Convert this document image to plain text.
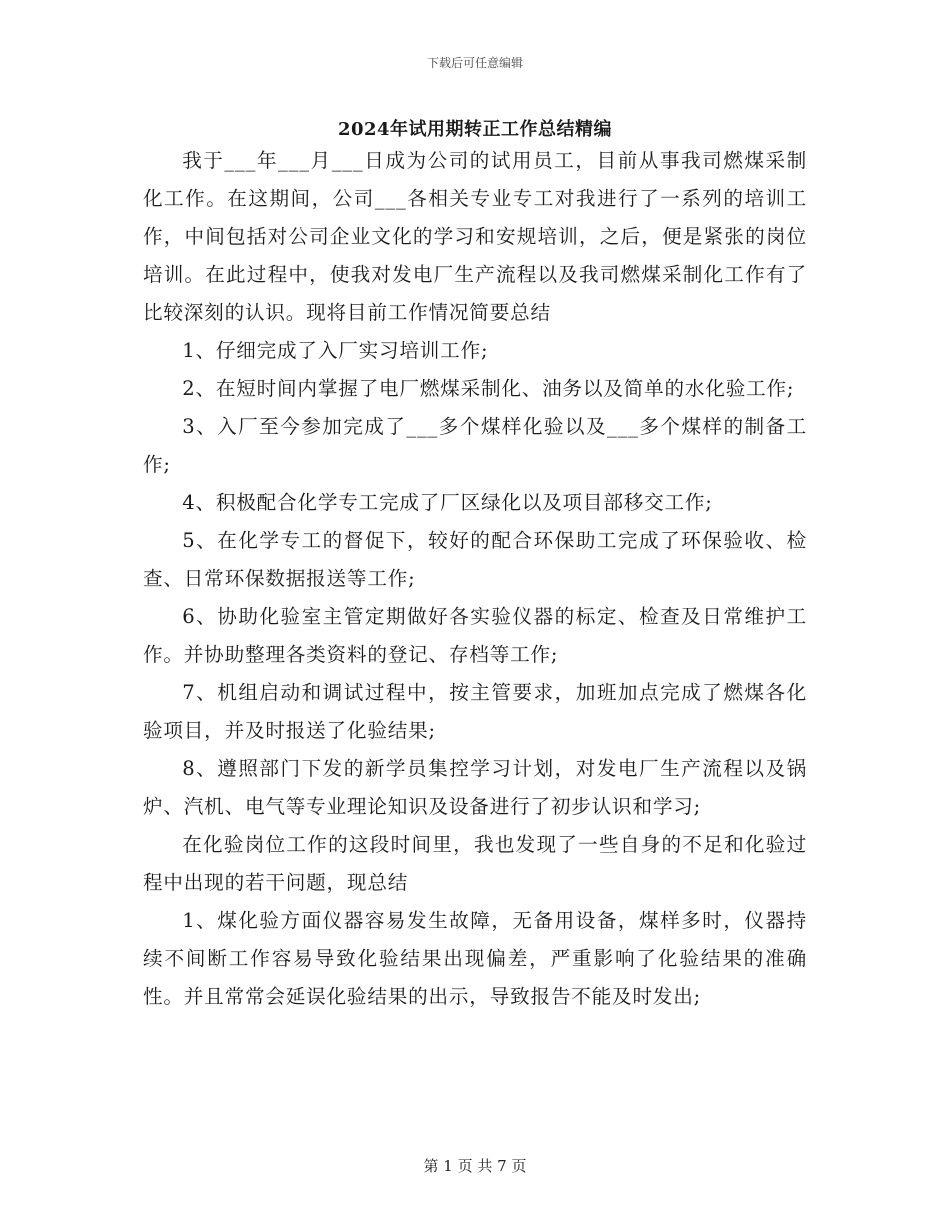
下载后可任意编辑
2024年试用期转正工作总结精编

我于___年___月___日成为公司的试用员工，目前从事我司燃煤采制化工作。在这期间，公司___各相关专业专工对我进行了一系列的培训工作，中间包括对公司企业文化的学习和安规培训，之后，便是紧张的岗位培训。在此过程中，使我对发电厂生产流程以及我司燃煤采制化工作有了比较深刻的认识。现将目前工作情况简要总结

1、仔细完成了入厂实习培训工作;

2、在短时间内掌握了电厂燃煤采制化、油务以及简单的水化验工作;

3、入厂至今参加完成了___多个煤样化验以及___多个煤样的制备工作;

4、积极配合化学专工完成了厂区绿化以及项目部移交工作;

5、在化学专工的督促下，较好的配合环保助工完成了环保验收、检查、日常环保数据报送等工作;

6、协助化验室主管定期做好各实验仪器的标定、检查及日常维护工作。并协助整理各类资料的登记、存档等工作;

7、机组启动和调试过程中，按主管要求，加班加点完成了燃煤各化验项目，并及时报送了化验结果;

8、遵照部门下发的新学员集控学习计划，对发电厂生产流程以及锅炉、汽机、电气等专业理论知识及设备进行了初步认识和学习;

在化验岗位工作的这段时间里，我也发现了一些自身的不足和化验过程中出现的若干问题，现总结

1、煤化验方面仪器容易发生故障，无备用设备，煤样多时，仪器持续不间断工作容易导致化验结果出现偏差，严重影响了化验结果的准确性。并且常常会延误化验结果的出示，导致报告不能及时发出;

第 1 页 共 7 页
